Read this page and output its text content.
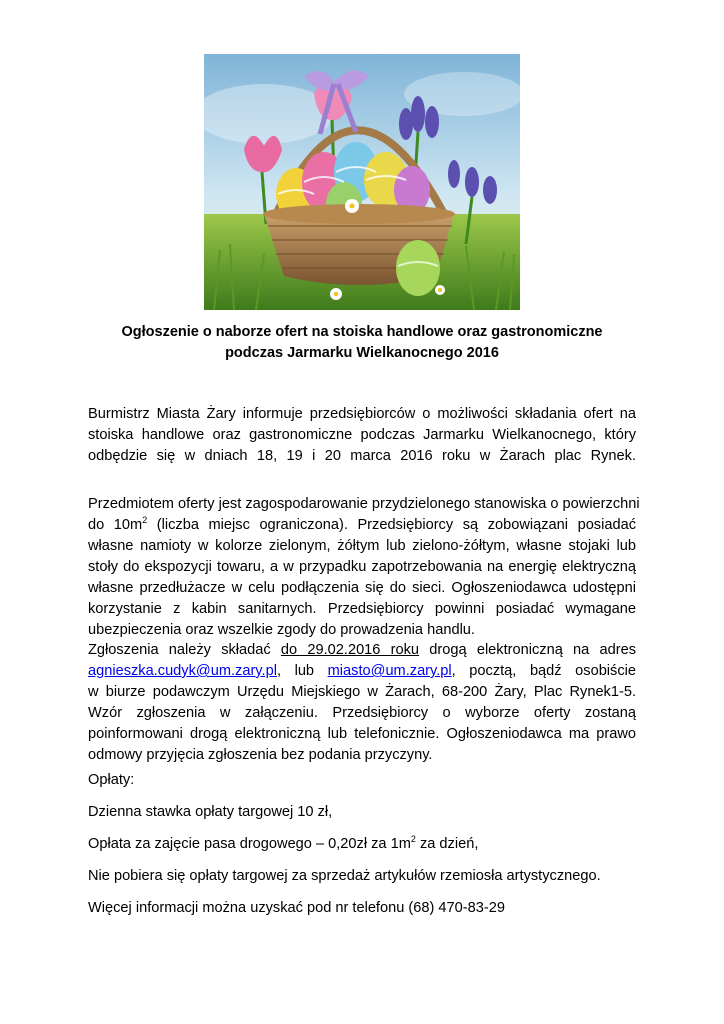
Ogłoszenie o naborze ofert na stoiska handlowe oraz gastronomiczne
podczas Jarmarku Wielkanocnego 2016
Burmistrz Miasta Żary informuje przedsiębiorców o możliwości składania ofert na
stoiska handlowe oraz gastronomiczne podczas Jarmarku Wielkanocnego, który
odbędzie się w dniach 18, 19 i 20 marca 2016 roku w Żarach plac Rynek.
Przedmiotem oferty jest zagospodarowanie przydzielonego stanowiska o powierzchni
do $10m^2$ (liczba miejsc ograniczona). Przedsiębiorcy są zobowiązani posiadać
własne namioty w kolorze zielonym, żółtym lub zielono-żółtym, własne stojaki lub
stoły do ekspozycji towaru, a w przypadku zapotrzebowania na energię elektryczną
własne przedłużacze w celu podłączenia się do sieci. Ogłoszeniodawca udostępni
korzystanie z kabin sanitarnych. Przedsiębiorcy powinni posiadać wymagane
ubezpieczenia oraz wszelkie zgody do prowadzenia handlu.
Zgłoszenia należy składać do 29.02.2016 roku drogą elektroniczną na adres
agnieszka.cudyk@um.zary.pl, lub miasto@um.zary.pl, pocztą, bądź osobiście
w biurze podawczym Urzędu Miejskiego w Żarach, 68-200 Żary, Plac Rynek1-5.
Wzór zgłoszenia w załączeniu. Przedsiębiorcy o wyborze oferty zostaną
poinformowani drogą elektroniczną lub telefonicznie. Ogłoszeniodawca ma prawo
odmowy przyjęcia zgłoszenia bez podania przyczyny.
Opłaty:
Dzienna stawka opłaty targowej 10 zł,
Opłata za zajęcie pasa drogowego – 0,20zł za $1m^2$ za dzień,
Nie pobiera się opłaty targowej za sprzedaż artykułów rzemiosła artystycznego.
Więcej informacji można uzyskać pod nr telefonu (68) 470-83-29
